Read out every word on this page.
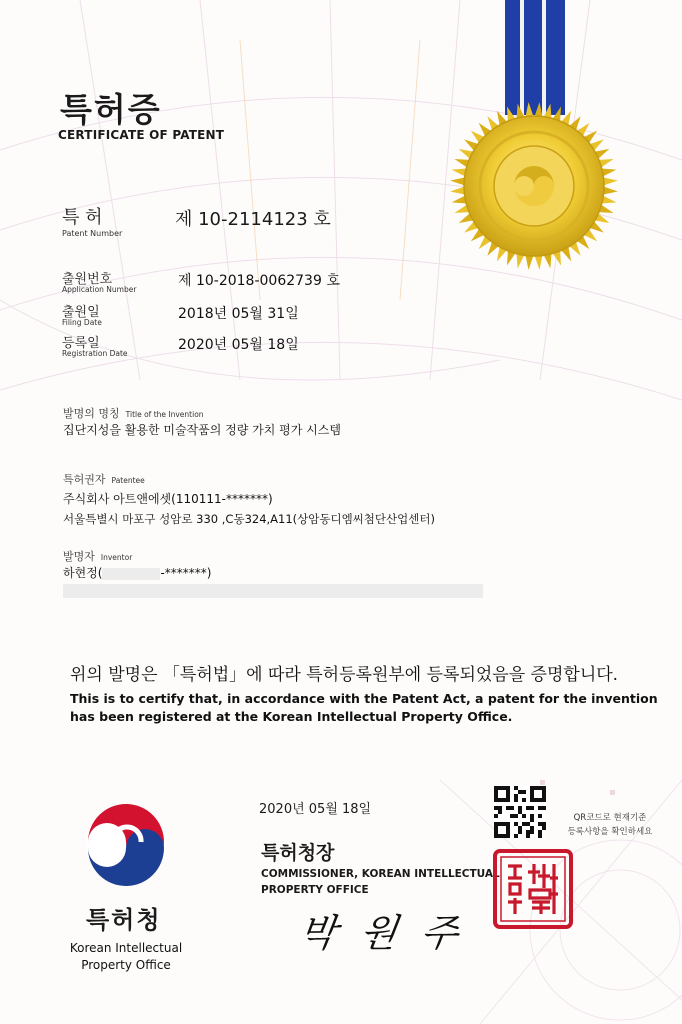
특허증
CERTIFICATE OF PATENT
특 허
Patent Number
제 10-2114123 호
출원번호
Application Number
제 10-2018-0062739 호
출원일
Filing Date
2018년 05월 31일
등록일
Registration Date
2020년 05월 18일
발명의 명칭 Title of the Invention
집단지성을 활용한 미술작품의 정량 가치 평가 시스템
특허권자 Patentee
주식회사 아트앤에셋(110111-*******)
서울특별시 마포구 성암로 330 ,C동324,A11(상암동디엠씨첨단산업센터)
발명자 Inventor
하현정(	-*******)
위의 발명은 「특허법」에 따라 특허등록원부에 등록되었음을 증명합니다.
This is to certify that, in accordance with the Patent Act, a patent for the invention has been registered at the Korean Intellectual Property Office.
특허청
Korean Intellectual Property Office
2020년 05월 18일
특허청장
COMMISSIONER, KOREAN INTELLECTUAL PROPERTY OFFICE
박 원 주
QR코드로 현재기준
등록사항을 확인하세요
